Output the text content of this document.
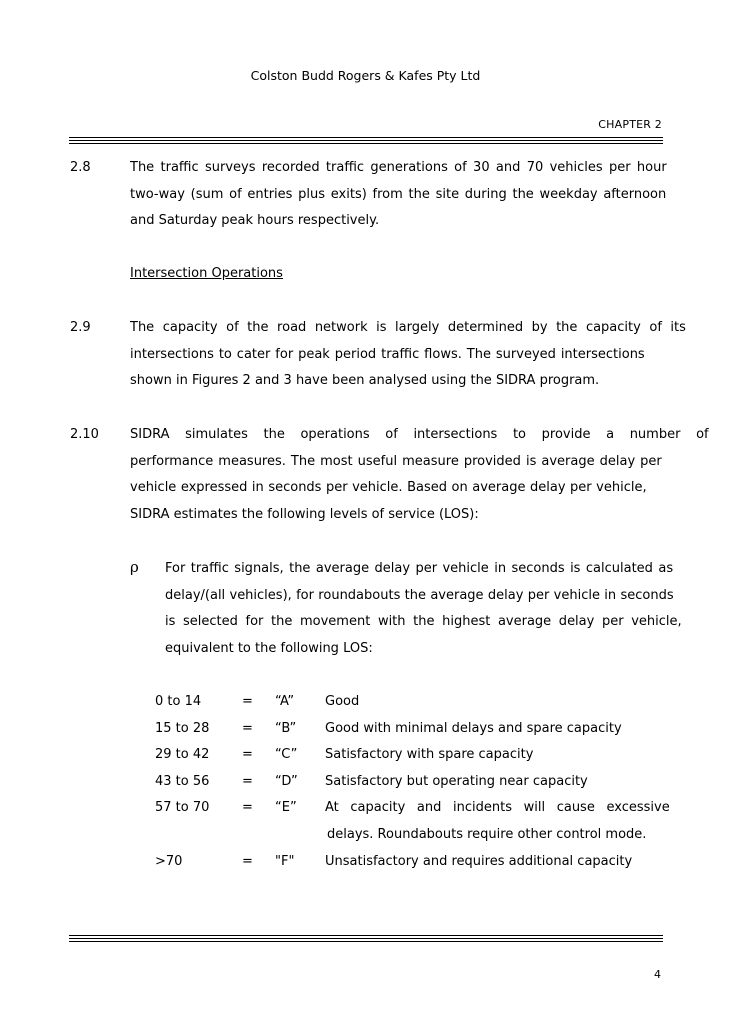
Colston Budd Rogers & Kafes Pty Ltd
CHAPTER 2
2.8	The traffic surveys recorded traffic generations of 30 and 70 vehicles per hour
two-way (sum of entries plus exits) from the site during the weekday afternoon
and Saturday peak hours respectively.
Intersection Operations
2.9	The capacity of the road network is largely determined by the capacity of its
intersections to cater for peak period traffic flows. The surveyed intersections
shown in Figures 2 and 3 have been analysed using the SIDRA program.
2.10 SIDRA simulates the operations of intersections to provide a number of
performance measures. The most useful measure provided is average delay per
vehicle expressed in seconds per vehicle. Based on average delay per vehicle,
SIDRA estimates the following levels of service (LOS):
ρ For traffic signals, the average delay per vehicle in seconds is calculated as
delay/(all vehicles), for roundabouts the average delay per vehicle in seconds
is selected for the movement with the highest average delay per vehicle,
equivalent to the following LOS:
0 to 14	= “A” Good
15 to 28	= “B” Good with minimal delays and spare capacity
29 to 42	= “C” Satisfactory with spare capacity
43 to 56	= “D” Satisfactory but operating near capacity
57 to 70	= “E” At capacity and incidents will cause excessive
delays. Roundabouts require other control mode.
>70	= "F" Unsatisfactory and requires additional capacity
4
